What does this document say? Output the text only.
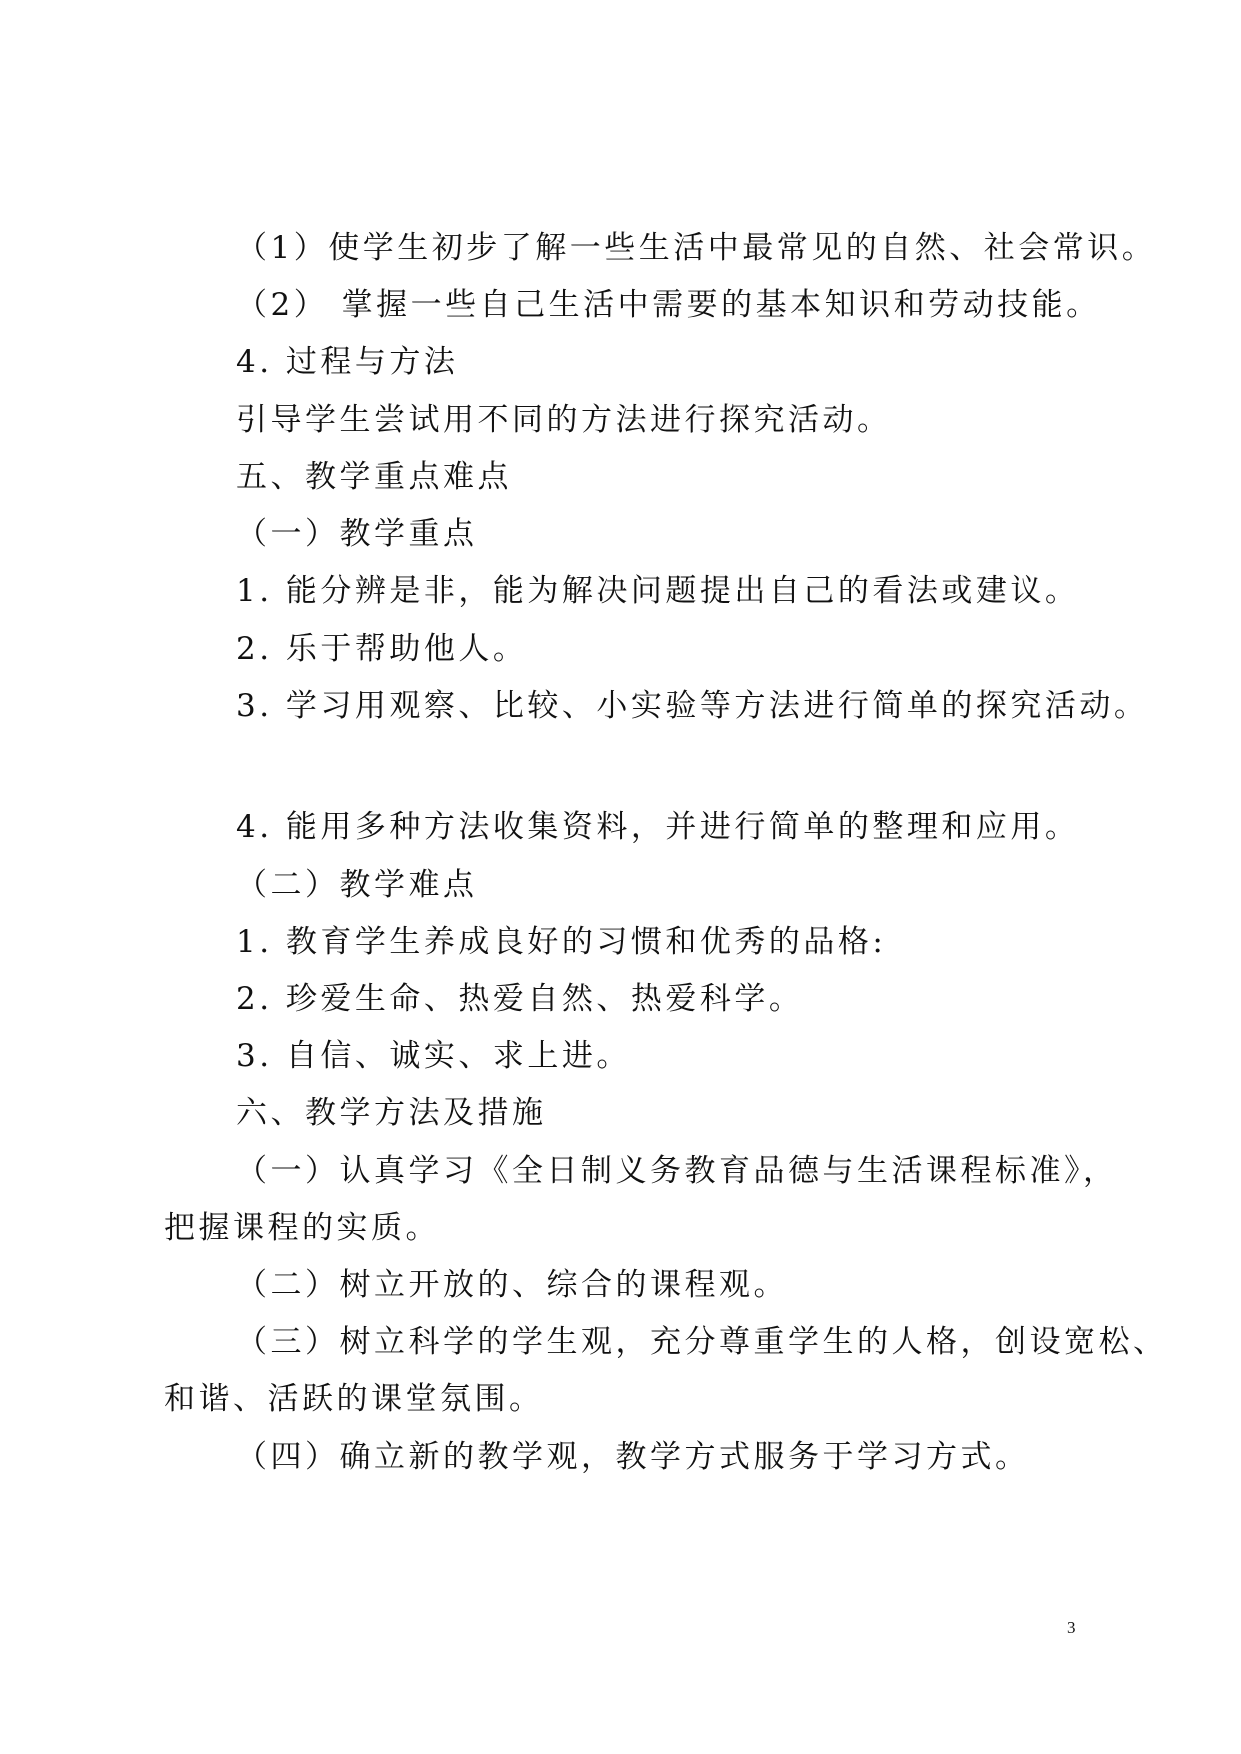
（1）使学生初步了解一些生活中最常见的自然、社会常识。
（2） 掌握一些自己生活中需要的基本知识和劳动技能。
4. 过程与方法
引导学生尝试用不同的方法进行探究活动。
五、教学重点难点
（一）教学重点
1. 能分辨是非，能为解决问题提出自己的看法或建议。
2. 乐于帮助他人。
3. 学习用观察、比较、小实验等方法进行简单的探究活动。
4. 能用多种方法收集资料，并进行简单的整理和应用。
（二）教学难点
1. 教育学生养成良好的习惯和优秀的品格:
2. 珍爱生命、热爱自然、热爱科学。
3. 自信、诚实、求上进。
六、教学方法及措施
（一）认真学习《全日制义务教育品德与生活课程标准》，
把握课程的实质。
（二）树立开放的、综合的课程观。
（三）树立科学的学生观，充分尊重学生的人格，创设宽松、
和谐、活跃的课堂氛围。
（四）确立新的教学观，教学方式服务于学习方式。
3
